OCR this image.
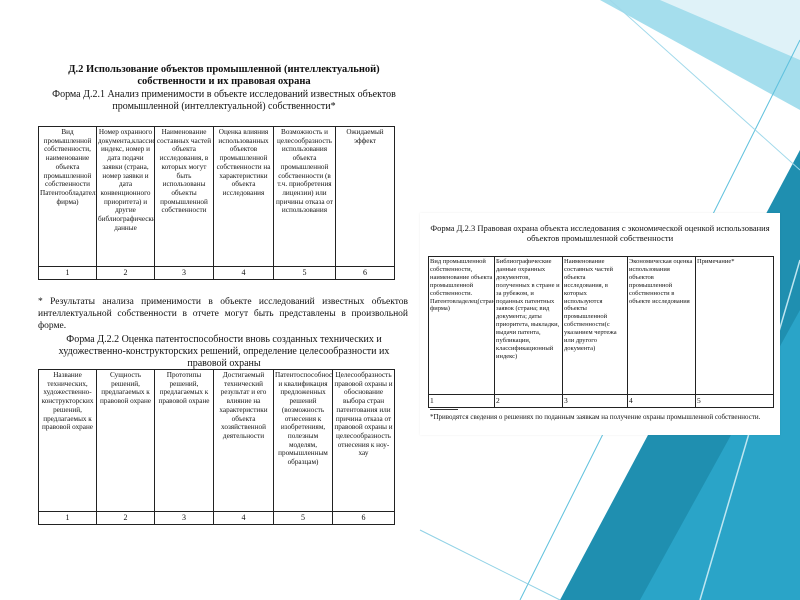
Д.2 Использование объектов промышленной (интеллектуальной) собственности и их правовая охрана
Форма Д.2.1 Анализ применимости в объекте исследований известных объектов промышленной (интеллектуальной) собственности*
Вид промышленной собственности, наименование объекта промышленной собственности Патентообладател фирма)	Номер охранного документа,класси индекс, номер и дата подачи заявки (страна, номер заявки и дата конвенционного приоритета) и другие библиографические данные	Наименование составных частей объекта исследования, в которых могут быть использованы объекты промышленной собственности	Оценка влияния использованных объектов промышленной собственности на характеристики объекта исследования	Возможность и целесообразность использования объекта промышленной собственности (в т.ч. приобретения лицензии) или причины отказа от использования	Ожидаемый эффект
1	2	3	4	5	6
* Результаты анализа применимости в объекте исследований известных объектов интеллектуальной собственности в отчете могут быть представлены в произвольной форме.
Форма Д.2.2 Оценка патентоспособности вновь созданных технических и художественно-конструкторских решений, определение целесообразности их правовой охраны
Название технических, художественно-конструкторских решений, предлагаемых к правовой охране	Сущность решений, предлагаемых к правовой охране	Прототипы решений, предлагаемых к правовой охране	Достигаемый технический результат и его влияние на характеристики объекта хозяйственной деятельности	Патентоспособность и квалификация предложенных решений (возможность отнесения к изобретениям, полезным моделям, промышленным образцам)	Целесообразность правовой охраны и обоснование выбора стран патентования или причина отказа от правовой охраны и целесообразность отнесения к ноу-хау
1	2	3	4	5	6
Форма Д.2.3 Правовая охрана объекта исследования с экономической оценкой использования объектов промышленной собственности
Вид промышленной собственности, наименование объекта промышленной собственности. Патентовладелец(страна, фирма)	Библиографические данные охранных документов, полученных в стране и за рубежом, и поданных патентных заявок (страна; вид документа; даты приоритета, выкладки, выдачи патента, публикации, классификационный индекс)	Наименование составных частей объекта исследования, в которых используются объекты промышленной собственности(с указанием чертежа или другого документа)	Экономическая оценка использования объектов промышленной собственности в объекте исследования	Примечание*
1	2	3	4	5
*Приводятся сведения о решениях по поданным заявкам на получение охраны промышленной собственности.
